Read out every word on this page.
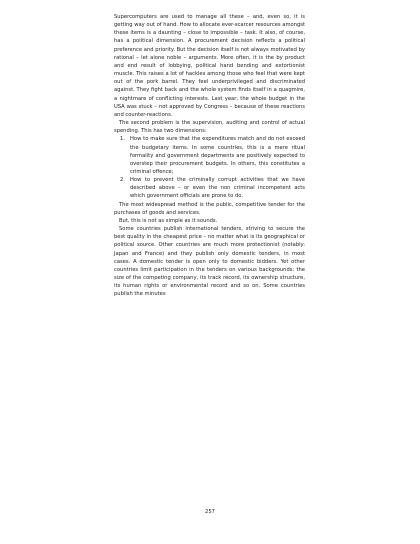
Supercomputers are used to manage all these – and, even so, it is getting way out of hand. How to allocate ever-scarcer resources amongst these items is a daunting – close to impossible – task. It also, of course, has a political dimension. A procurement decision reflects a political preference and priority. But the decision itself is not always motivated by rational – let alone noble – arguments. More often, it is the by product and end result of lobbying, political hand bending and extortionist muscle. This raises a lot of hackles among those who feel that were kept out of the pork barrel. They feel underprivileged and discriminated against. They fight back and the whole system finds itself in a quagmire, a nightmare of conflicting interests. Last year, the whole budget in the USA was stuck – not approved by Congress – because of these reactions and counter-reactions.

The second problem is the supervision, auditing and control of actual spending. This has two dimensions:

1. How to make sure that the expenditures match and do not exceed the budgetary items. In some countries, this is a mere ritual formality and government departments are positively expected to overstep their procurement budgets. In others, this constitutes a criminal offence;
2. How to prevent the criminally corrupt activities that we have described above – or even the non criminal incompetent acts which government officials are prone to do.

The most widespread method is the public, competitive tender for the purchases of goods and services.

But, this is not as simple as it sounds.

Some countries publish international tenders, striving to secure the best quality in the cheapest price – no matter what is its geographical or political source. Other countries are much more protectionist (notably: Japan and France) and they publish only domestic tenders, in most cases. A domestic tender is open only to domestic bidders. Yet other countries limit participation in the tenders on various backgrounds: the size of the competing company, its track record, its ownership structure, its human rights or environmental record and so on. Some countries publish the minutes

257
